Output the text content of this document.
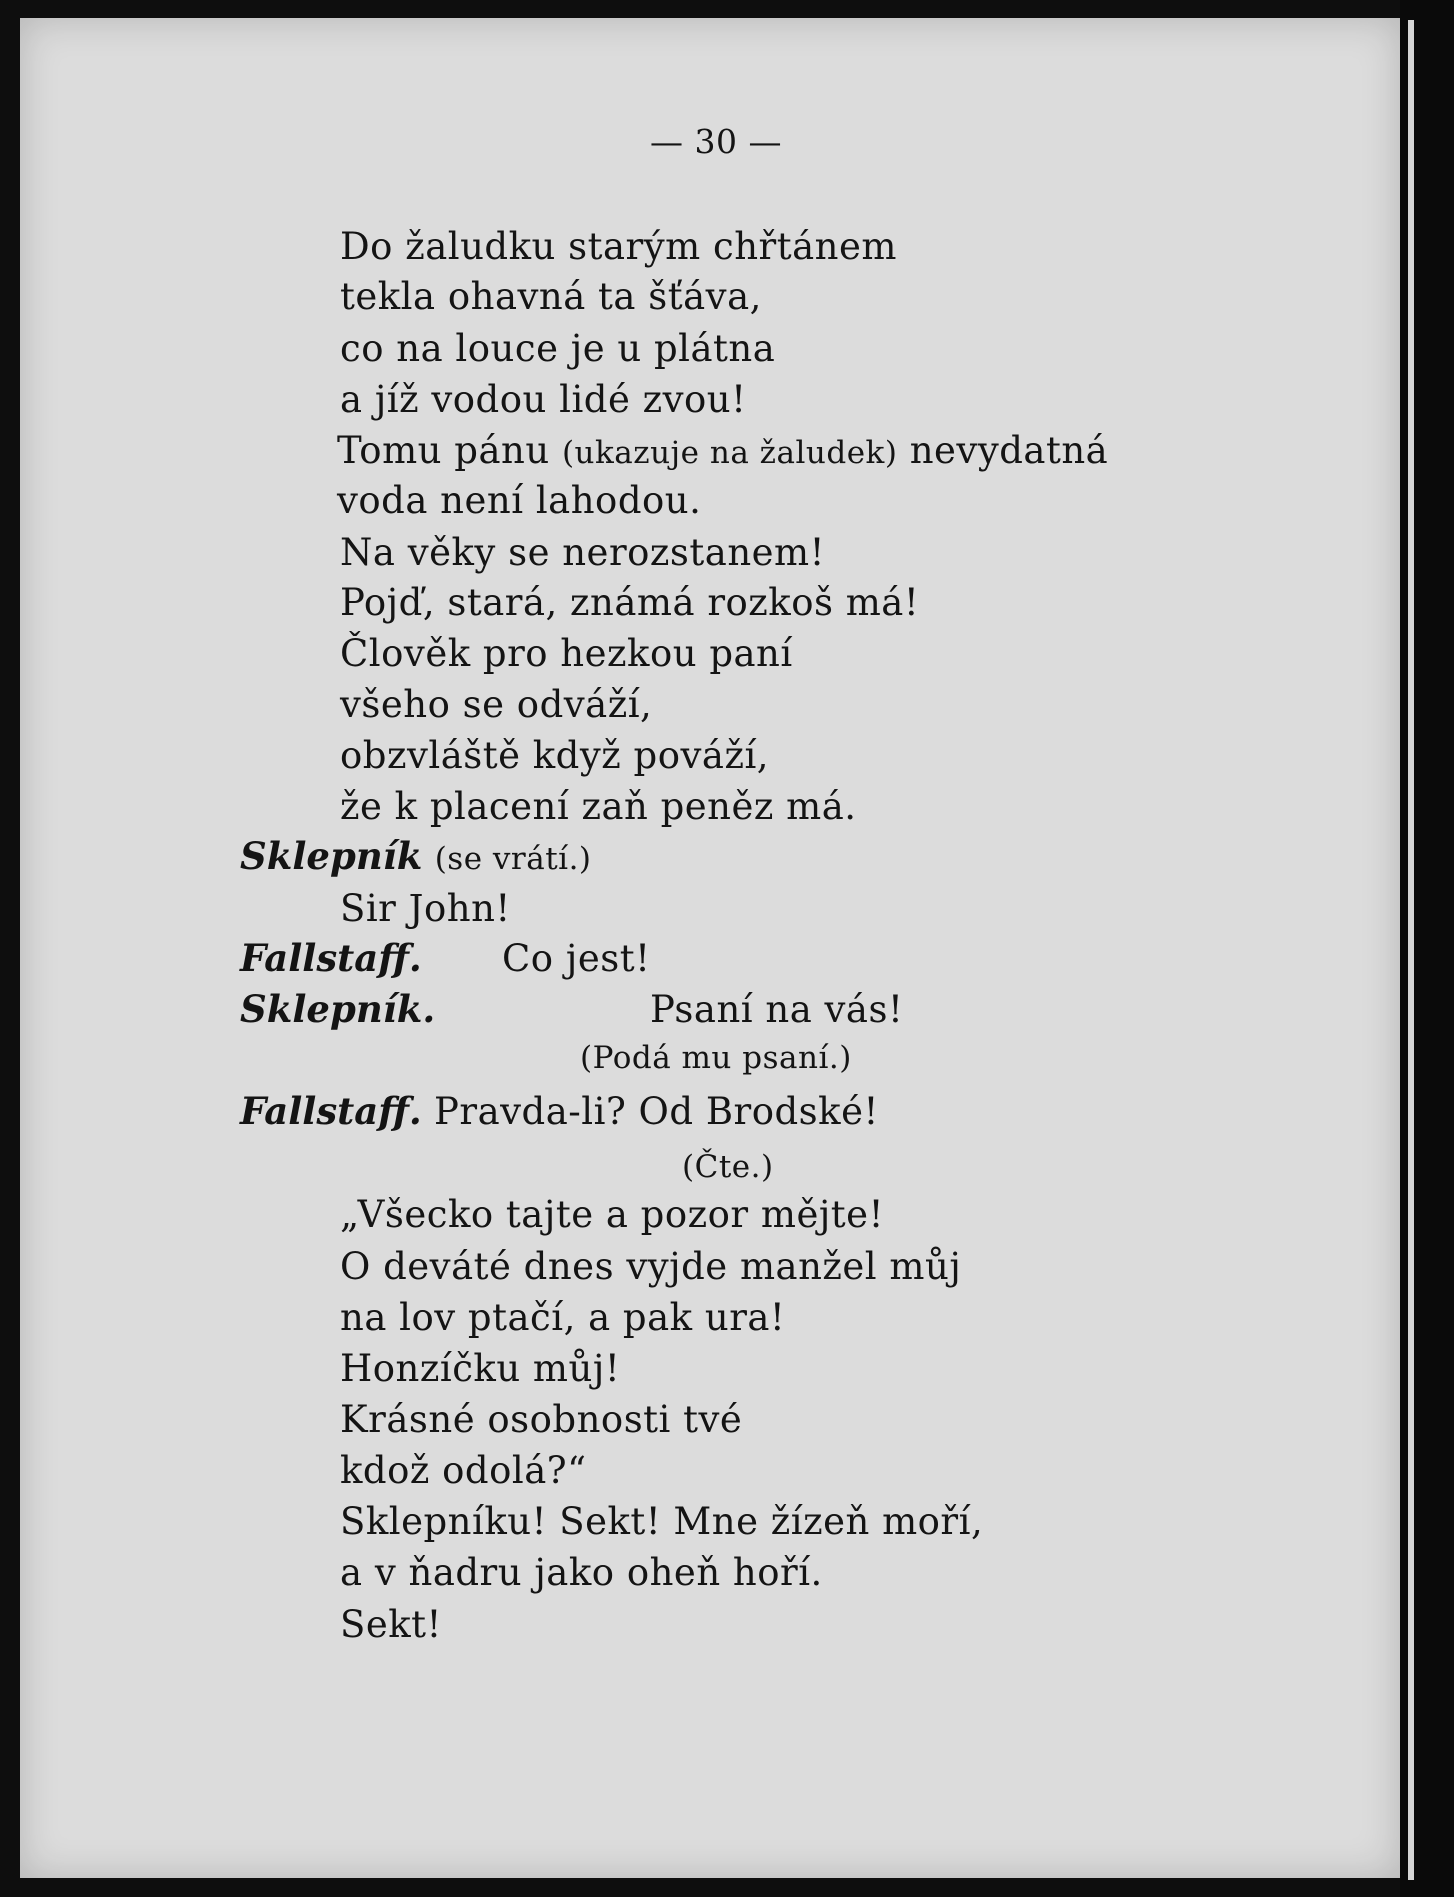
— 30 —

Do žaludku starým chřtánem

tekla ohavná ta šťáva,

co na louce je u plátna

a jíž vodou lidé zvou!

Tomu pánu (ukazuje na žaludek) nevydatná

voda není lahodou.

Na věky se nerozstanem!

Pojď, stará, známá rozkoš má!

Člověk pro hezkou paní

všeho se odváží,

obzvláště když pováží,

že k placení zaň peněz má.

Sklepník (se vrátí.)

Sir John!

Fallstaff. Co jest!

Sklepník.	Psaní na vás!

(Podá mu psaní.)

Fallstaff. Pravda-li? Od Brodské!

(Čte.)

„Všecko tajte a pozor mějte!

O deváté dnes vyjde manžel můj

na lov ptačí, a pak ura!

Honzíčku můj!

Krásné osobnosti tvé

kdož odolá?“

Sklepníku! Sekt! Mne žízeň moří,

a v ňadru jako oheň hoří.

Sekt!
